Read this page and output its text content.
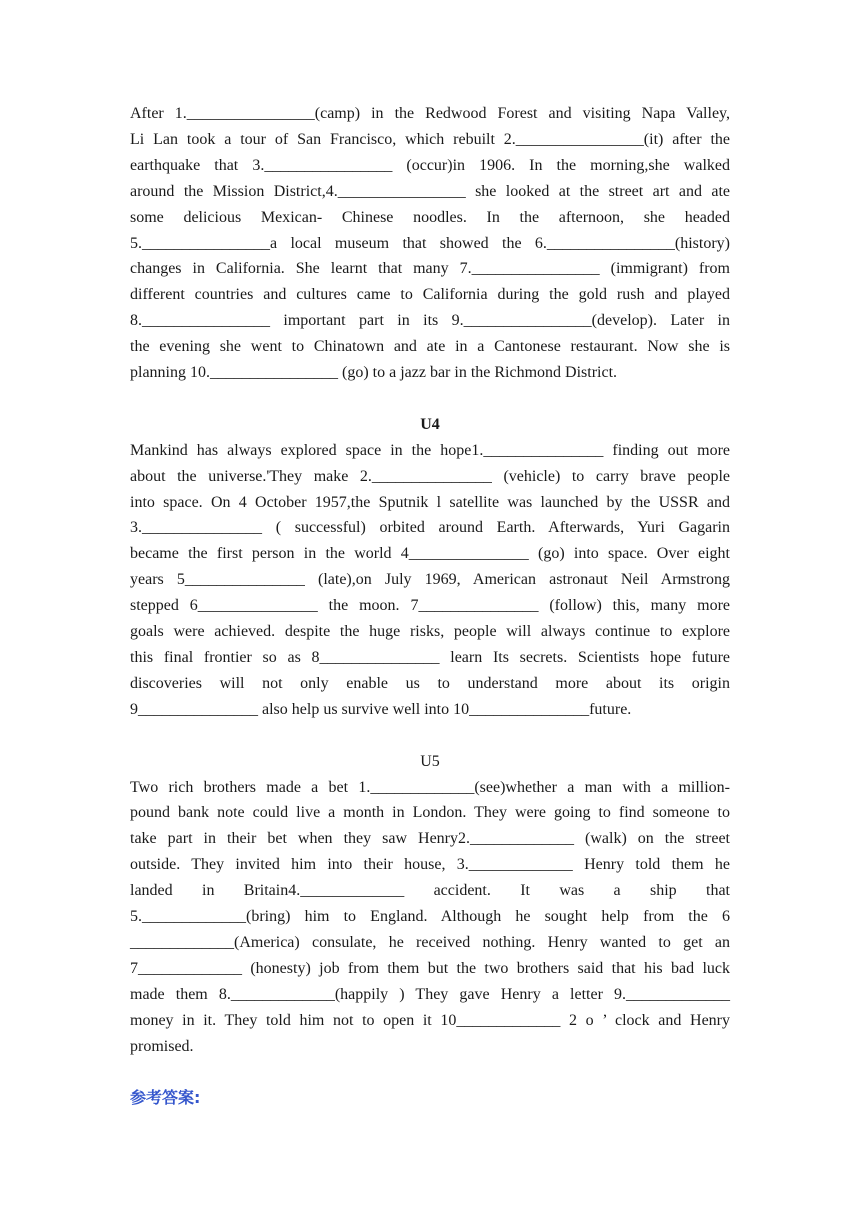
After 1.________________(camp) in the Redwood Forest and visiting Napa Valley,
Li Lan took a tour of San Francisco, which rebuilt 2.________________(it) after the
earthquake that 3.________________ (occur)in 1906. In the morning,she walked
around the Mission District,4.________________ she looked at the street art and ate
some delicious Mexican- Chinese noodles. In the afternoon, she headed
5.________________a local museum that showed the 6.________________(history)
changes in California. She learnt that many 7.________________ (immigrant) from
different countries and cultures came to California during the gold rush and played
8.________________ important part in its 9.________________(develop). Later in
the evening she went to Chinatown and ate in a Cantonese restaurant. Now she is
planning 10.________________ (go) to a jazz bar in the Richmond District.

U4

Mankind has always explored space in the hope1._______________ finding out more
about the universe.'They make 2._______________ (vehicle) to carry brave people
into space. On 4 October 1957,the Sputnik l satellite was launched by the USSR and
3._______________ ( successful) orbited around Earth. Afterwards, Yuri Gagarin
became the first person in the world 4_______________ (go) into space. Over eight
years 5_______________ (late),on July 1969, American astronaut Neil Armstrong
stepped 6_______________ the moon. 7_______________ (follow) this, many more
goals were achieved. despite the huge risks, people will always continue to explore
this final frontier so as 8_______________ learn Its secrets. Scientists hope future
discoveries will not only enable us to understand more about its origin
9_______________ also help us survive well into 10_______________future.

U5

Two rich brothers made a bet 1._____________(see)whether a man with a million-
pound bank note could live a month in London. They were going to find someone to
take part in their bet when they saw Henry2._____________ (walk) on the street
outside. They invited him into their house, 3._____________ Henry told them he
landed in Britain4._____________ accident. It was a ship that
5._____________(bring) him to England. Although he sought help from the 6
_____________(America) consulate, he received nothing. Henry wanted to get an
7_____________ (honesty) job from them but the two brothers said that his bad luck
made them 8._____________(happily ) They gave Henry a letter 9._____________
money in it. They told him not to open it 10_____________ 2 o ’ clock and Henry
promised.

参考答案:
